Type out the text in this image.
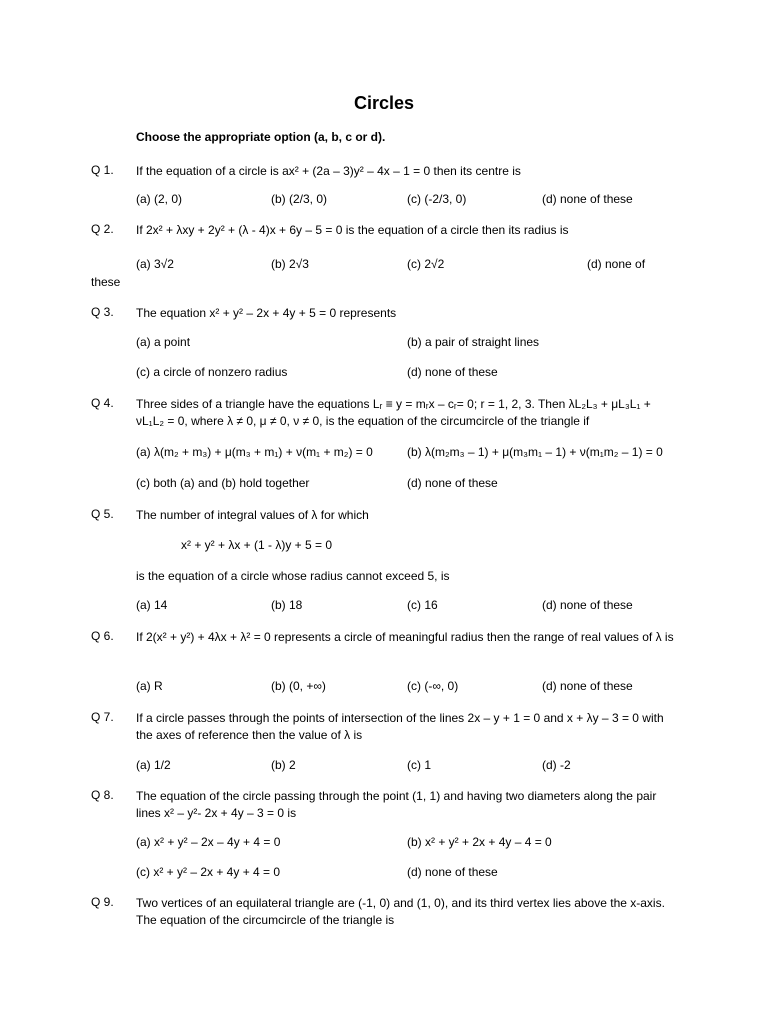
Circles
Choose the appropriate option (a, b, c or d).
Q 1. If the equation of a circle is ax² + (2a – 3)y² – 4x – 1 = 0 then its centre is
(a) (2, 0)	(b) (2/3, 0)	(c) (-2/3, 0)	(d) none of these
Q 2. If 2x² + λxy + 2y² + (λ - 4)x + 6y – 5 = 0 is the equation of a circle then its radius is
(a) 3√2	(b) 2√3	(c) 2√2	(d) none of
these
Q 3. The equation x² + y² – 2x + 4y + 5 = 0 represents
(a) a point	(b) a pair of straight lines
(c) a circle of nonzero radius	(d) none of these
Q 4. Three sides of a triangle have the equations Lᵣ ≡ y = mᵣx – cᵣ= 0; r = 1, 2, 3. Then λL₂L₃ + μL₃L₁ + νL₁L₂ = 0, where λ ≠ 0, μ ≠ 0, ν ≠ 0, is the equation of the circumcircle of the triangle if
(a) λ(m₂ + m₃) + μ(m₃ + m₁) + ν(m₁ + m₂) = 0	(b) λ(m₂m₃ – 1) + μ(m₃m₁ – 1) + ν(m₁m₂ – 1) = 0
(c) both (a) and (b) hold together	(d) none of these
Q 5. The number of integral values of λ for which
x² + y² + λx + (1 - λ)y + 5 = 0
is the equation of a circle whose radius cannot exceed 5, is
(a) 14	(b) 18	(c) 16	(d) none of these
Q 6. If 2(x² + y²) + 4λx + λ² = 0 represents a circle of meaningful radius then the range of real values of λ is
(a) R	(b) (0, +∞)	(c) (-∞, 0)	(d) none of these
Q 7. If a circle passes through the points of intersection of the lines 2x – y + 1 = 0 and x + λy – 3 = 0 with the axes of reference then the value of λ is
(a) 1/2	(b) 2	(c) 1	(d) -2
Q 8. The equation of the circle passing through the point (1, 1) and having two diameters along the pair lines x² – y²- 2x + 4y – 3 = 0 is
(a) x² + y² – 2x – 4y + 4 = 0	(b) x² + y² + 2x + 4y – 4 = 0
(c) x² + y² – 2x + 4y + 4 = 0	(d) none of these
Q 9. Two vertices of an equilateral triangle are (-1, 0) and (1, 0), and its third vertex lies above the x-axis. The equation of the circumcircle of the triangle is
